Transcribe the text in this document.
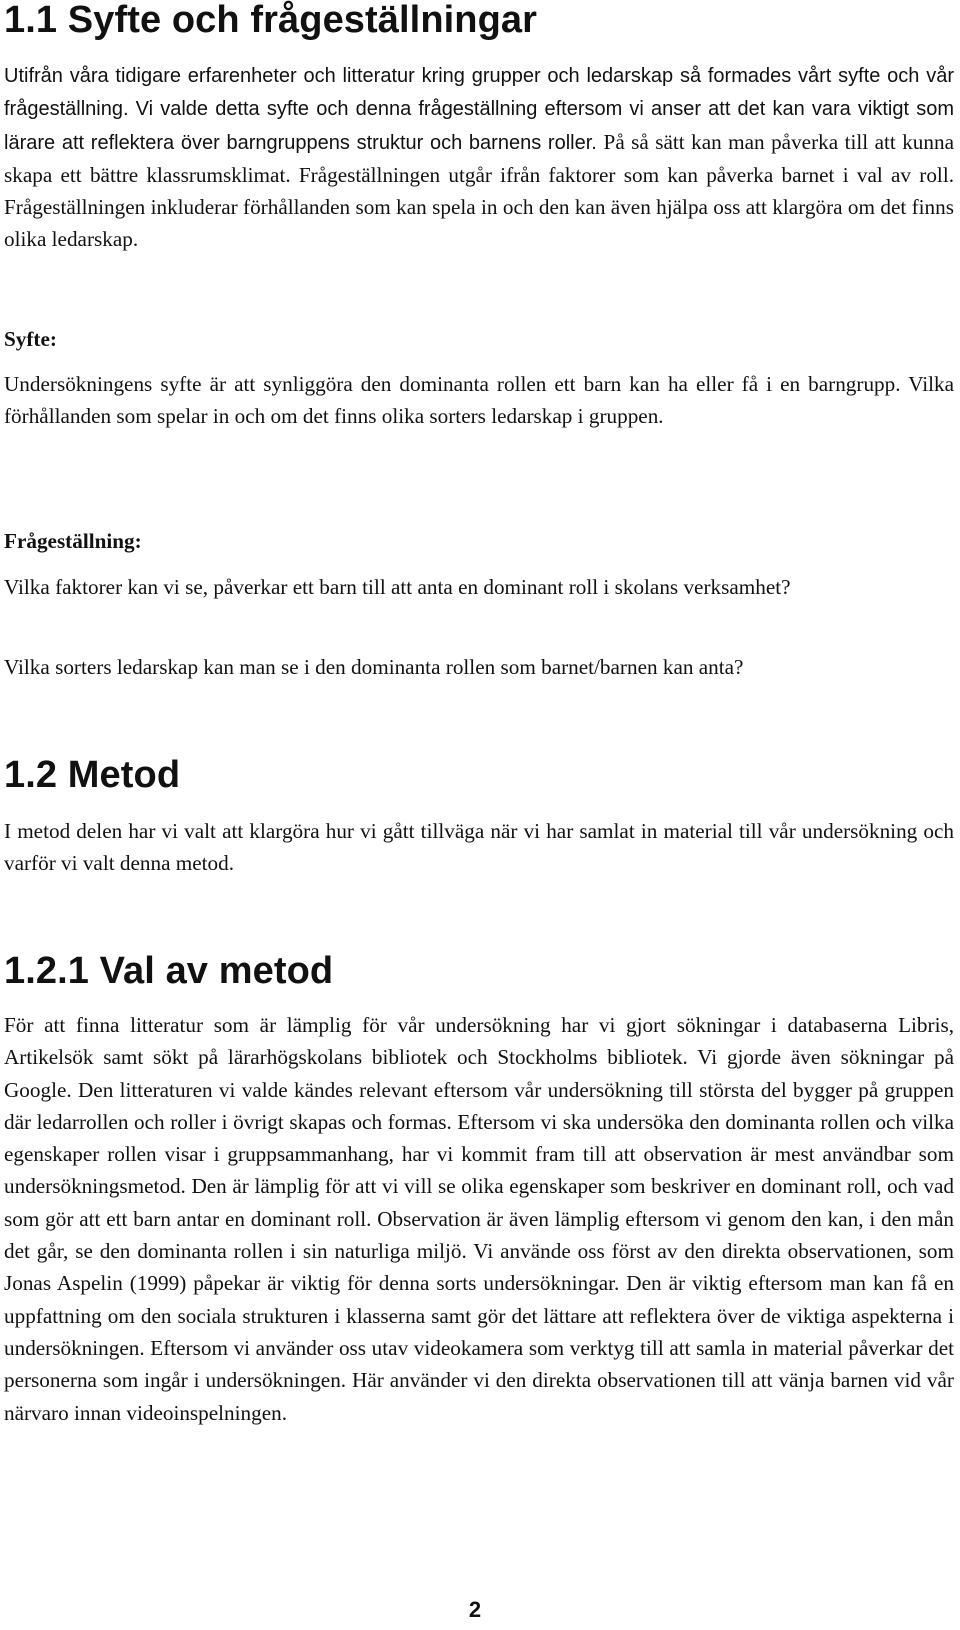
1.1 Syfte och frågeställningar

Utifrån våra tidigare erfarenheter och litteratur kring grupper och ledarskap så formades vårt syfte och vår frågeställning. Vi valde detta syfte och denna frågeställning eftersom vi anser att det kan vara viktigt som lärare att reflektera över barngruppens struktur och barnens roller. På så sätt kan man påverka till att kunna skapa ett bättre klassrumsklimat. Frågeställningen utgår ifrån faktorer som kan påverka barnet i val av roll. Frågeställningen inkluderar förhållanden som kan spela in och den kan även hjälpa oss att klargöra om det finns olika ledarskap.

Syfte:

Undersökningens syfte är att synliggöra den dominanta rollen ett barn kan ha eller få i en barngrupp. Vilka förhållanden som spelar in och om det finns olika sorters ledarskap i gruppen.

Frågeställning:

Vilka faktorer kan vi se, påverkar ett barn till att anta en dominant roll i skolans verksamhet?

Vilka sorters ledarskap kan man se i den dominanta rollen som barnet/barnen kan anta?

1.2 Metod

I metod delen har vi valt att klargöra hur vi gått tillväga när vi har samlat in material till vår undersökning och varför vi valt denna metod.

1.2.1 Val av metod

För att finna litteratur som är lämplig för vår undersökning har vi gjort sökningar i databaserna Libris, Artikelsök samt sökt på lärarhögskolans bibliotek och Stockholms bibliotek. Vi gjorde även sökningar på Google. Den litteraturen vi valde kändes relevant eftersom vår undersökning till största del bygger på gruppen där ledarrollen och roller i övrigt skapas och formas. Eftersom vi ska undersöka den dominanta rollen och vilka egenskaper rollen visar i gruppsammanhang, har vi kommit fram till att observation är mest användbar som undersökningsmetod. Den är lämplig för att vi vill se olika egenskaper som beskriver en dominant roll, och vad som gör att ett barn antar en dominant roll. Observation är även lämplig eftersom vi genom den kan, i den mån det går, se den dominanta rollen i sin naturliga miljö. Vi använde oss först av den direkta observationen, som Jonas Aspelin (1999) påpekar är viktig för denna sorts undersökningar. Den är viktig eftersom man kan få en uppfattning om den sociala strukturen i klasserna samt gör det lättare att reflektera över de viktiga aspekterna i undersökningen. Eftersom vi använder oss utav videokamera som verktyg till att samla in material påverkar det personerna som ingår i undersökningen. Här använder vi den direkta observationen till att vänja barnen vid vår närvaro innan videoinspelningen.

2
